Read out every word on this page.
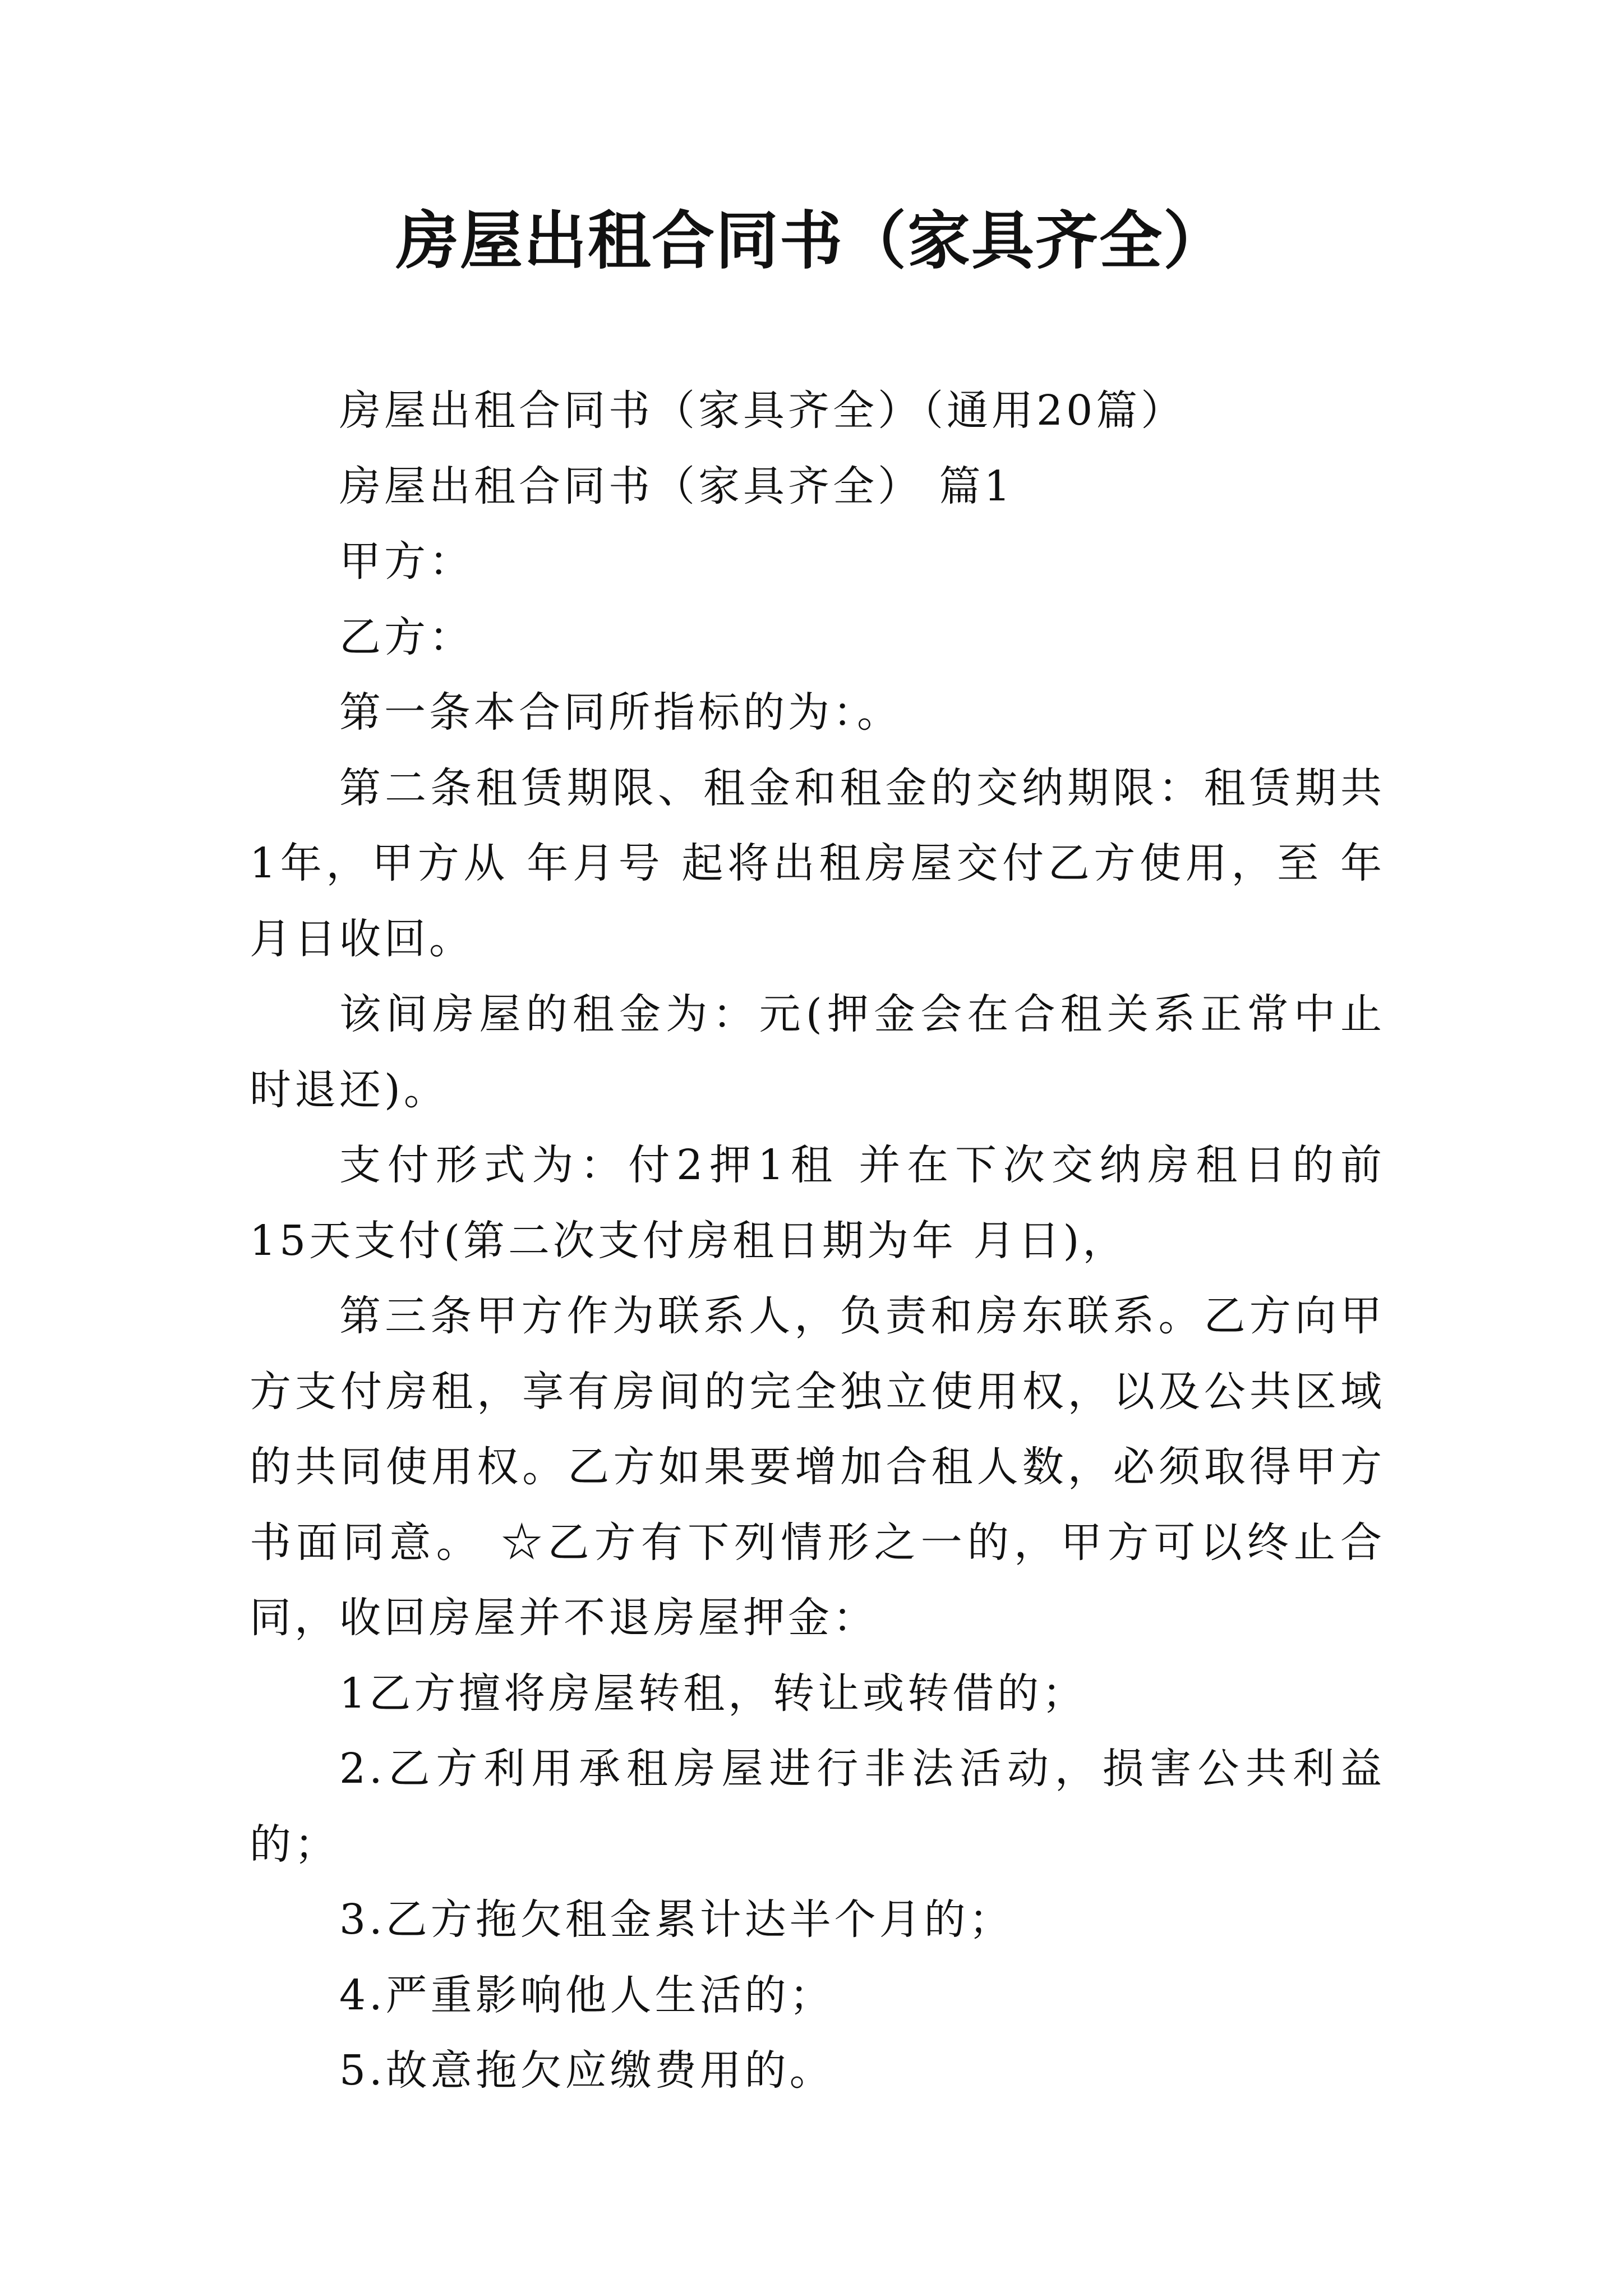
房屋出租合同书（家具齐全）

房屋出租合同书（家具齐全）（通用20篇）

房屋出租合同书（家具齐全） 篇1

甲方：

乙方：

第一条本合同所指标的为：。

第二条租赁期限、租金和租金的交纳期限：租赁期共1年，甲方从 年月号 起将出租房屋交付乙方使用，至 年月日收回。

该间房屋的租金为：元(押金会在合租关系正常中止时退还)。

支付形式为：付2押1租 并在下次交纳房租日的前 15天支付(第二次支付房租日期为年 月日)，

第三条甲方作为联系人，负责和房东联系。乙方向甲方支付房租，享有房间的完全独立使用权，以及公共区域的共同使用权。乙方如果要增加合租人数，必须取得甲方书面同意。 ☆乙方有下列情形之一的，甲方可以终止合同，收回房屋并不退房屋押金：

1乙方擅将房屋转租，转让或转借的；

2.乙方利用承租房屋进行非法活动，损害公共利益的；

3.乙方拖欠租金累计达半个月的；

4.严重影响他人生活的；

5.故意拖欠应缴费用的。
